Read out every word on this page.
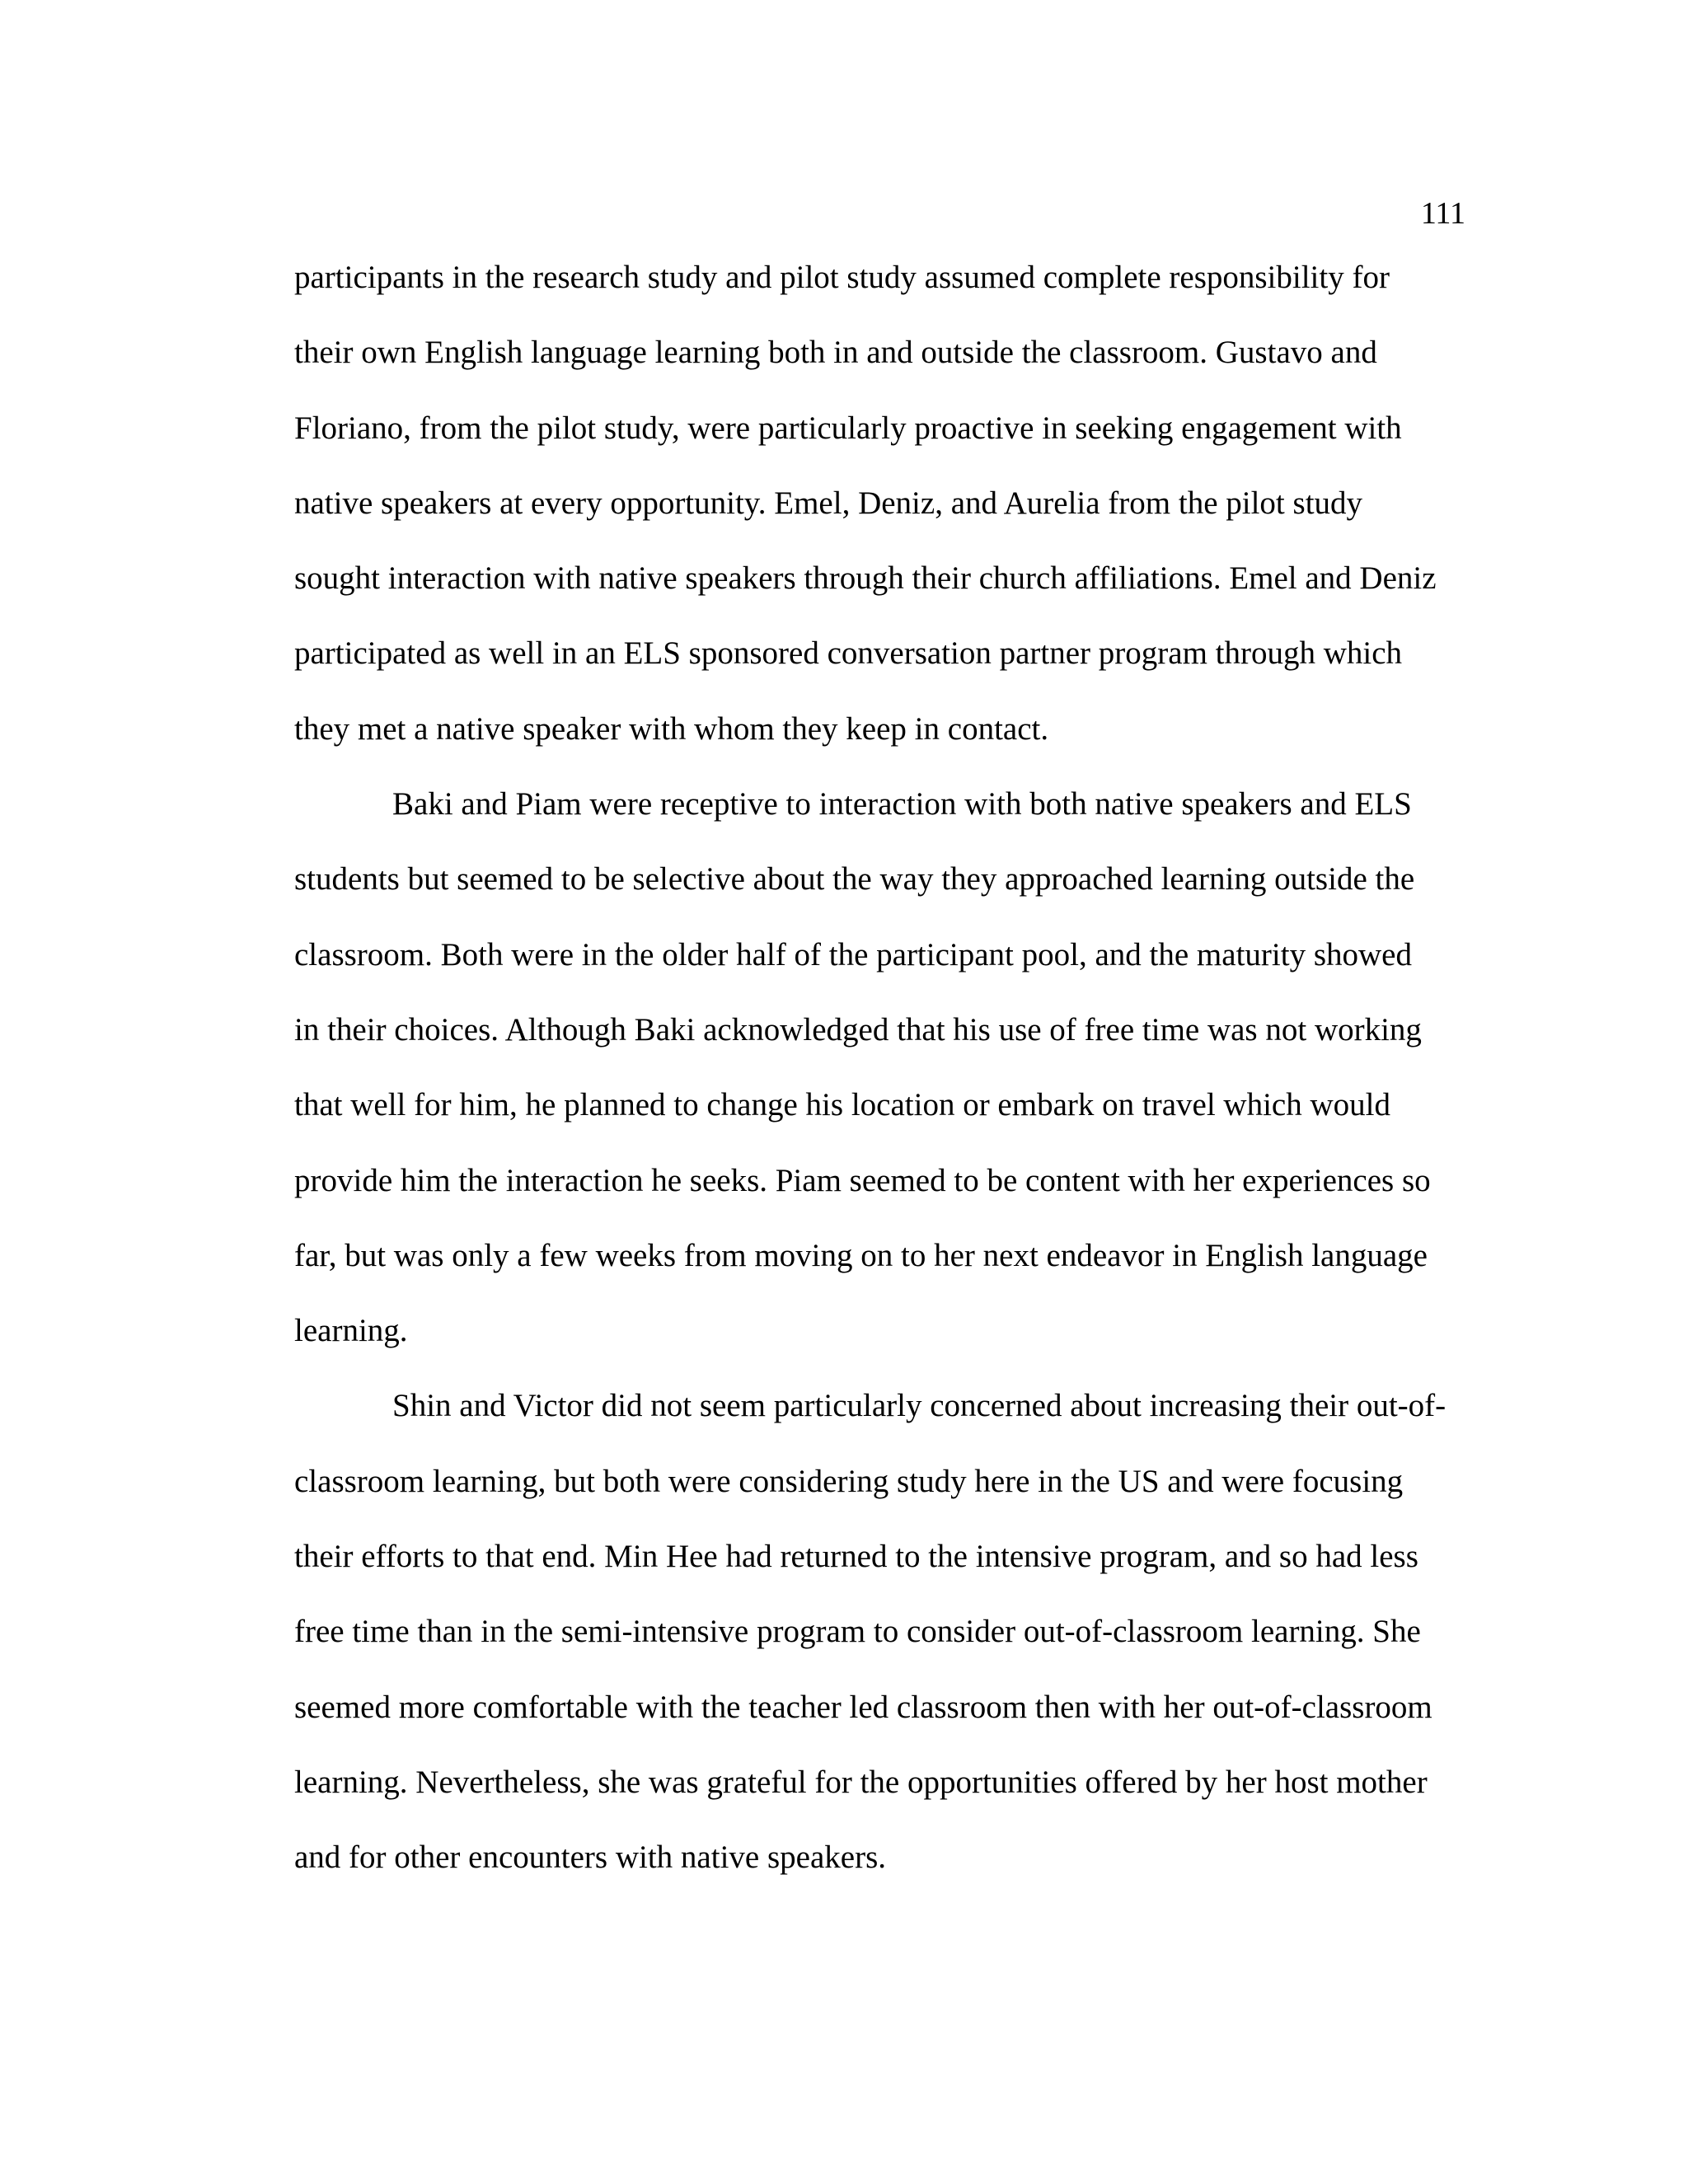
111
participants in the research study and pilot study assumed complete responsibility for
their own English language learning both in and outside the classroom. Gustavo and
Floriano, from the pilot study, were particularly proactive in seeking engagement with
native speakers at every opportunity. Emel, Deniz, and Aurelia from the pilot study
sought interaction with native speakers through their church affiliations. Emel and Deniz
participated as well in an ELS sponsored conversation partner program through which
they met a native speaker with whom they keep in contact.
Baki and Piam were receptive to interaction with both native speakers and ELS
students but seemed to be selective about the way they approached learning outside the
classroom. Both were in the older half of the participant pool, and the maturity showed
in their choices. Although Baki acknowledged that his use of free time was not working
that well for him, he planned to change his location or embark on travel which would
provide him the interaction he seeks. Piam seemed to be content with her experiences so
far, but was only a few weeks from moving on to her next endeavor in English language
learning.
Shin and Victor did not seem particularly concerned about increasing their out-of-
classroom learning, but both were considering study here in the US and were focusing
their efforts to that end. Min Hee had returned to the intensive program, and so had less
free time than in the semi-intensive program to consider out-of-classroom learning. She
seemed more comfortable with the teacher led classroom then with her out-of-classroom
learning. Nevertheless, she was grateful for the opportunities offered by her host mother
and for other encounters with native speakers.
